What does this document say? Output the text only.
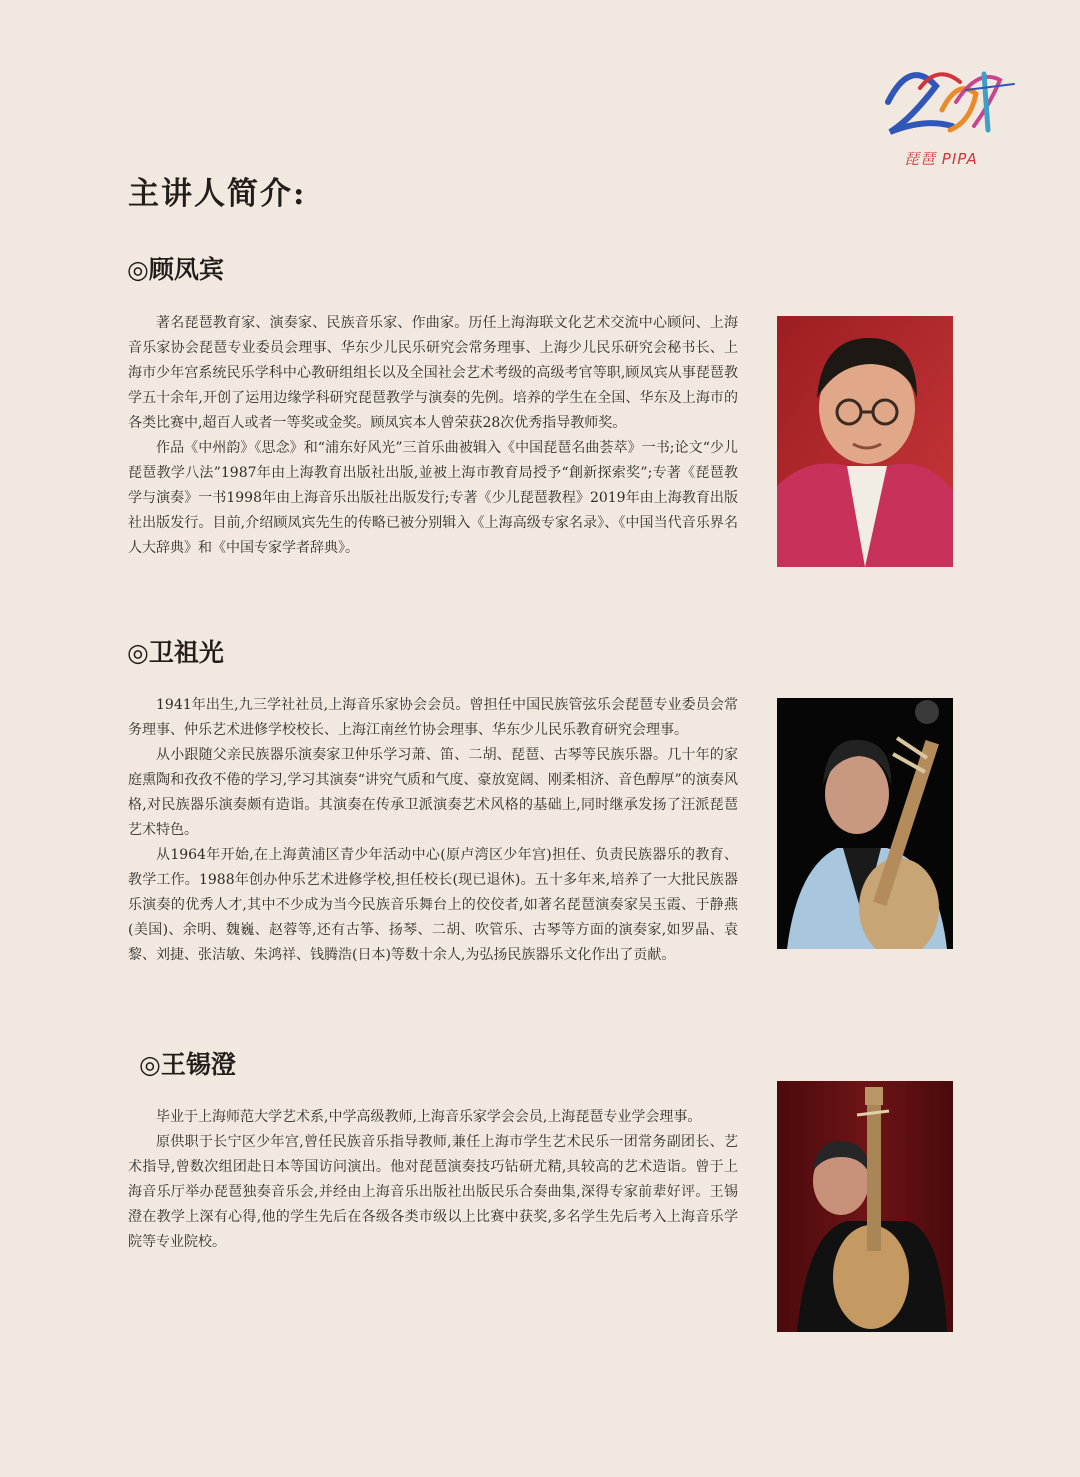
琵琶 PIPA
主讲人简介:
◎顾凤宾

著名琵琶教育家、演奏家、民族音乐家、作曲家。历任上海海联文化艺术交流中心顾问、上海音乐家协会琵琶专业委员会理事、华东少儿民乐研究会常务理事、上海少儿民乐研究会秘书长、上海市少年宫系统民乐学科中心教研组组长以及全国社会艺术考级的高级考官等职,顾凤宾从事琵琶教学五十余年,开创了运用边缘学科研究琵琶教学与演奏的先例。培养的学生在全国、华东及上海市的各类比赛中,超百人或者一等奖或金奖。顾凤宾本人曾荣获28次优秀指导教师奖。

作品《中州韵》《思念》和“浦东好风光”三首乐曲被辑入《中国琵琶名曲荟萃》一书;论文“少儿琵琶教学八法”1987年由上海教育出版社出版,並被上海市教育局授予“創新探索奖”;专著《琵琶教学与演奏》一书1998年由上海音乐出版社出版发行;专著《少儿琵琶教程》2019年由上海教育出版社出版发行。目前,介绍顾凤宾先生的传略已被分别辑入《上海高级专家名录》、《中国当代音乐界名人大辞典》和《中国专家学者辞典》。

◎卫祖光

1941年出生,九三学社社员,上海音乐家协会会员。曾担任中国民族管弦乐会琵琶专业委员会常务理事、仲乐艺术进修学校校长、上海江南丝竹协会理事、华东少儿民乐教育研究会理事。

从小跟随父亲民族器乐演奏家卫仲乐学习萧、笛、二胡、琵琶、古琴等民族乐器。几十年的家庭熏陶和孜孜不倦的学习,学习其演奏“讲究气质和气度、豪放宽阔、刚柔相济、音色醇厚”的演奏风格,对民族器乐演奏颇有造诣。其演奏在传承卫派演奏艺术风格的基础上,同时继承发扬了汪派琵琶艺术特色。

从1964年开始,在上海黄浦区青少年活动中心(原卢湾区少年宫)担任、负责民族器乐的教育、教学工作。1988年创办仲乐艺术进修学校,担任校长(现已退休)。五十多年来,培养了一大批民族器乐演奏的优秀人才,其中不少成为当今民族音乐舞台上的佼佼者,如著名琵琶演奏家吴玉霞、于静燕(美国)、余明、魏巍、赵蓉等,还有古筝、扬琴、二胡、吹管乐、古琴等方面的演奏家,如罗晶、袁黎、刘捷、张洁敏、朱鸿祥、钱腾浩(日本)等数十余人,为弘扬民族器乐文化作出了贡献。

◎王锡澄

毕业于上海师范大学艺术系,中学高级教师,上海音乐家学会会员,上海琵琶专业学会理事。

原供职于长宁区少年宫,曾任民族音乐指导教师,兼任上海市学生艺术民乐一团常务副团长、艺术指导,曾数次组团赴日本等国访问演出。他对琵琶演奏技巧钻研尤精,具较高的艺术造诣。曾于上海音乐厅举办琵琶独奏音乐会,并经由上海音乐出版社出版民乐合奏曲集,深得专家前辈好评。王锡澄在教学上深有心得,他的学生先后在各级各类市级以上比赛中获奖,多名学生先后考入上海音乐学院等专业院校。
